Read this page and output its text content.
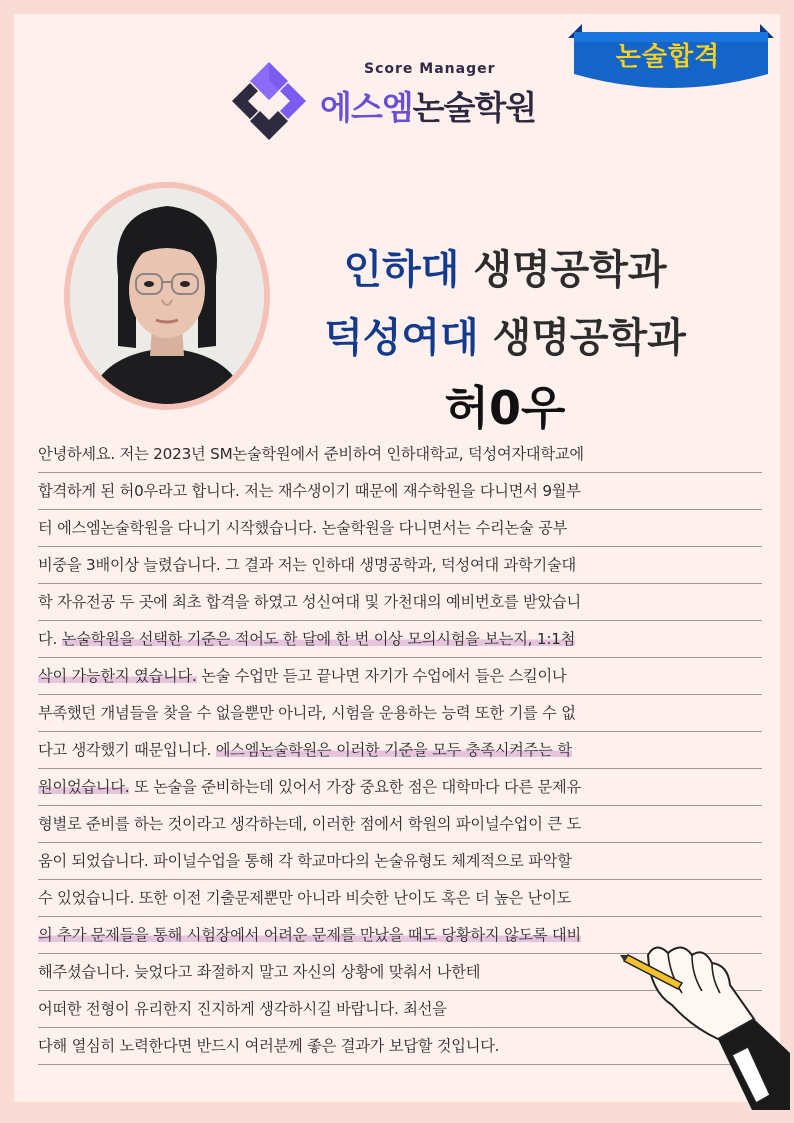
논술합격
Score Manager
에스엠논술학원
인하대 생명공학과
덕성여대 생명공학과
허0우
안녕하세요. 저는 2023년 SM논술학원에서 준비하여 인하대학교, 덕성여자대학교에
합격하게 된 허0우라고 합니다. 저는 재수생이기 때문에 재수학원을 다니면서 9월부
터 에스엠논술학원을 다니기 시작했습니다. 논술학원을 다니면서는 수리논술 공부
비중을 3배이상 늘렸습니다. 그 결과 저는 인하대 생명공학과, 덕성여대 과학기술대
학 자유전공 두 곳에 최초 합격을 하였고 성신여대 및 가천대의 예비번호를 받았습니
다. 논술학원을 선택한 기준은 적어도 한 달에 한 번 이상 모의시험을 보는지, 1:1첨
삭이 가능한지 였습니다. 논술 수업만 듣고 끝나면 자기가 수업에서 들은 스킬이나
부족했던 개념들을 찾을 수 없을뿐만 아니라, 시험을 운용하는 능력 또한 기를 수 없
다고 생각했기 때문입니다. 에스엠논술학원은 이러한 기준을 모두 충족시켜주는 학
원이었습니다. 또 논술을 준비하는데 있어서 가장 중요한 점은 대학마다 다른 문제유
형별로 준비를 하는 것이라고 생각하는데, 이러한 점에서 학원의 파이널수업이 큰 도
움이 되었습니다. 파이널수업을 통해 각 학교마다의 논술유형도 체계적으로 파악할
수 있었습니다. 또한 이전 기출문제뿐만 아니라 비슷한 난이도 혹은 더 높은 난이도
의 추가 문제들을 통해 시험장에서 어려운 문제를 만났을 때도 당황하지 않도록 대비
해주셨습니다. 늦었다고 좌절하지 말고 자신의 상황에 맞춰서 나한테
어떠한 전형이 유리한지 진지하게 생각하시길 바랍니다. 최선을
다해 열심히 노력한다면 반드시 여러분께 좋은 결과가 보답할 것입니다.
